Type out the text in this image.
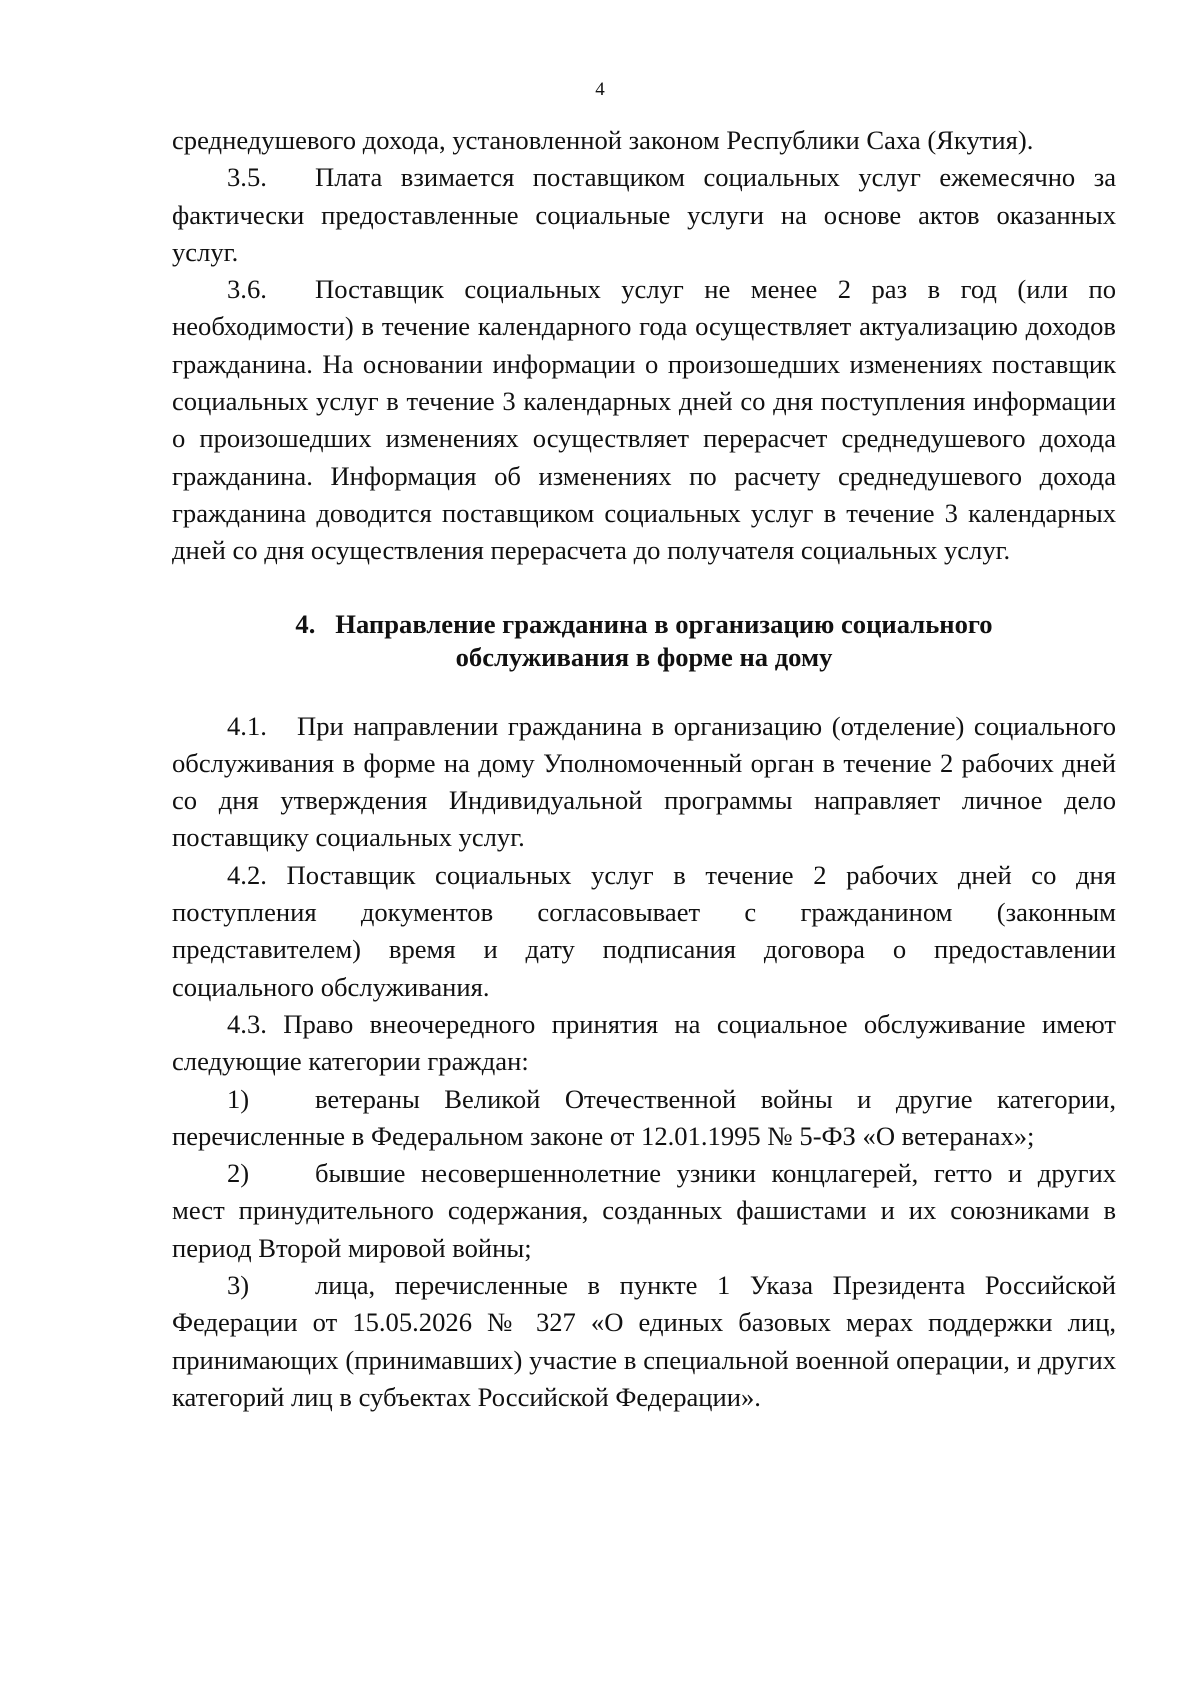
4

среднедушевого дохода, установленной законом Республики Саха (Якутия).

3.5. Плата взимается поставщиком социальных услуг ежемесячно за фактически предоставленные социальные услуги на основе актов оказанных услуг.

3.6. Поставщик социальных услуг не менее 2 раз в год (или по необходимости) в течение календарного года осуществляет актуализацию доходов гражданина. На основании информации о произошедших изменениях поставщик социальных услуг в течение 3 календарных дней со дня поступления информации о произошедших изменениях осуществляет перерасчет среднедушевого дохода гражданина. Информация об изменениях по расчету среднедушевого дохода гражданина доводится поставщиком социальных услуг в течение 3 календарных дней со дня осуществления перерасчета до получателя социальных услуг.

4.   Направление гражданина в организацию социального
обслуживания в форме на дому

4.1. При направлении гражданина в организацию (отделение) социального обслуживания в форме на дому Уполномоченный орган в течение 2 рабочих дней со дня утверждения Индивидуальной программы направляет личное дело поставщику социальных услуг.

4.2. Поставщик социальных услуг в течение 2 рабочих дней со дня поступления документов согласовывает с гражданином (законным представителем) время и дату подписания договора о предоставлении социального обслуживания.

4.3. Право внеочередного принятия на социальное обслуживание имеют следующие категории граждан:

1) ветераны Великой Отечественной войны и другие категории, перечисленные в Федеральном законе от 12.01.1995 № 5-ФЗ «О ветеранах»;

2) бывшие несовершеннолетние узники концлагерей, гетто и других мест принудительного содержания, созданных фашистами и их союзниками в период Второй мировой войны;

3) лица, перечисленные в пункте 1 Указа Президента Российской Федерации от 15.05.2026 № 327 «О единых базовых мерах поддержки лиц, принимающих (принимавших) участие в специальной военной операции, и других категорий лиц в субъектах Российской Федерации».
